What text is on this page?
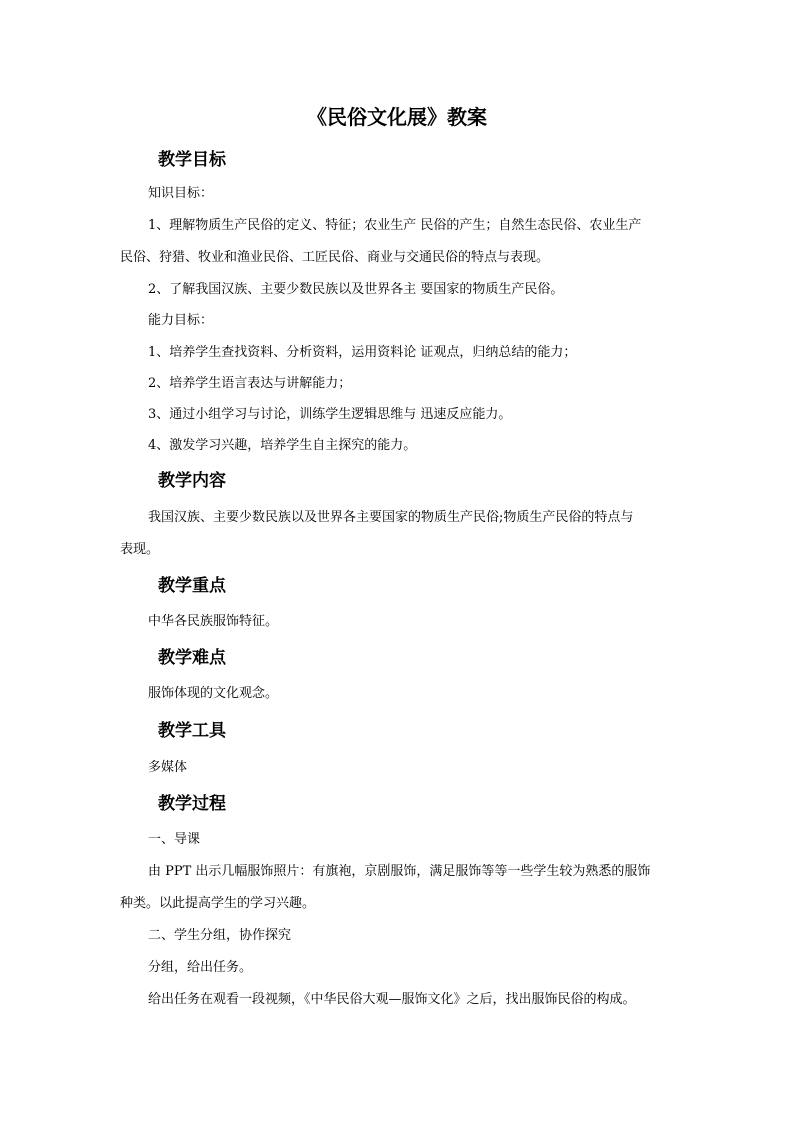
《民俗文化展》教案
教学目标
知识目标：
1、理解物质生产民俗的定义、特征；农业生产 民俗的产生；自然生态民俗、农业生产
民俗、狩猎、牧业和渔业民俗、工匠民俗、商业与交通民俗的特点与表现。
2、了解我国汉族、主要少数民族以及世界各主 要国家的物质生产民俗。
能力目标：
1、培养学生查找资料、分析资料，运用资料论 证观点，归纳总结的能力；
2、培养学生语言表达与讲解能力；
3、通过小组学习与讨论，训练学生逻辑思维与 迅速反应能力。
4、激发学习兴趣，培养学生自主探究的能力。
教学内容
我国汉族、主要少数民族以及世界各主要国家的物质生产民俗;物质生产民俗的特点与
表现。
教学重点
中华各民族服饰特征。
教学难点
服饰体现的文化观念。
教学工具
多媒体
教学过程
一、导课
由 PPT 出示几幅服饰照片：有旗袍，京剧服饰，满足服饰等等一些学生较为熟悉的服饰
种类。以此提高学生的学习兴趣。
二、学生分组，协作探究
分组，给出任务。
给出任务在观看一段视频，《中华民俗大观—服饰文化》之后，找出服饰民俗的构成。
